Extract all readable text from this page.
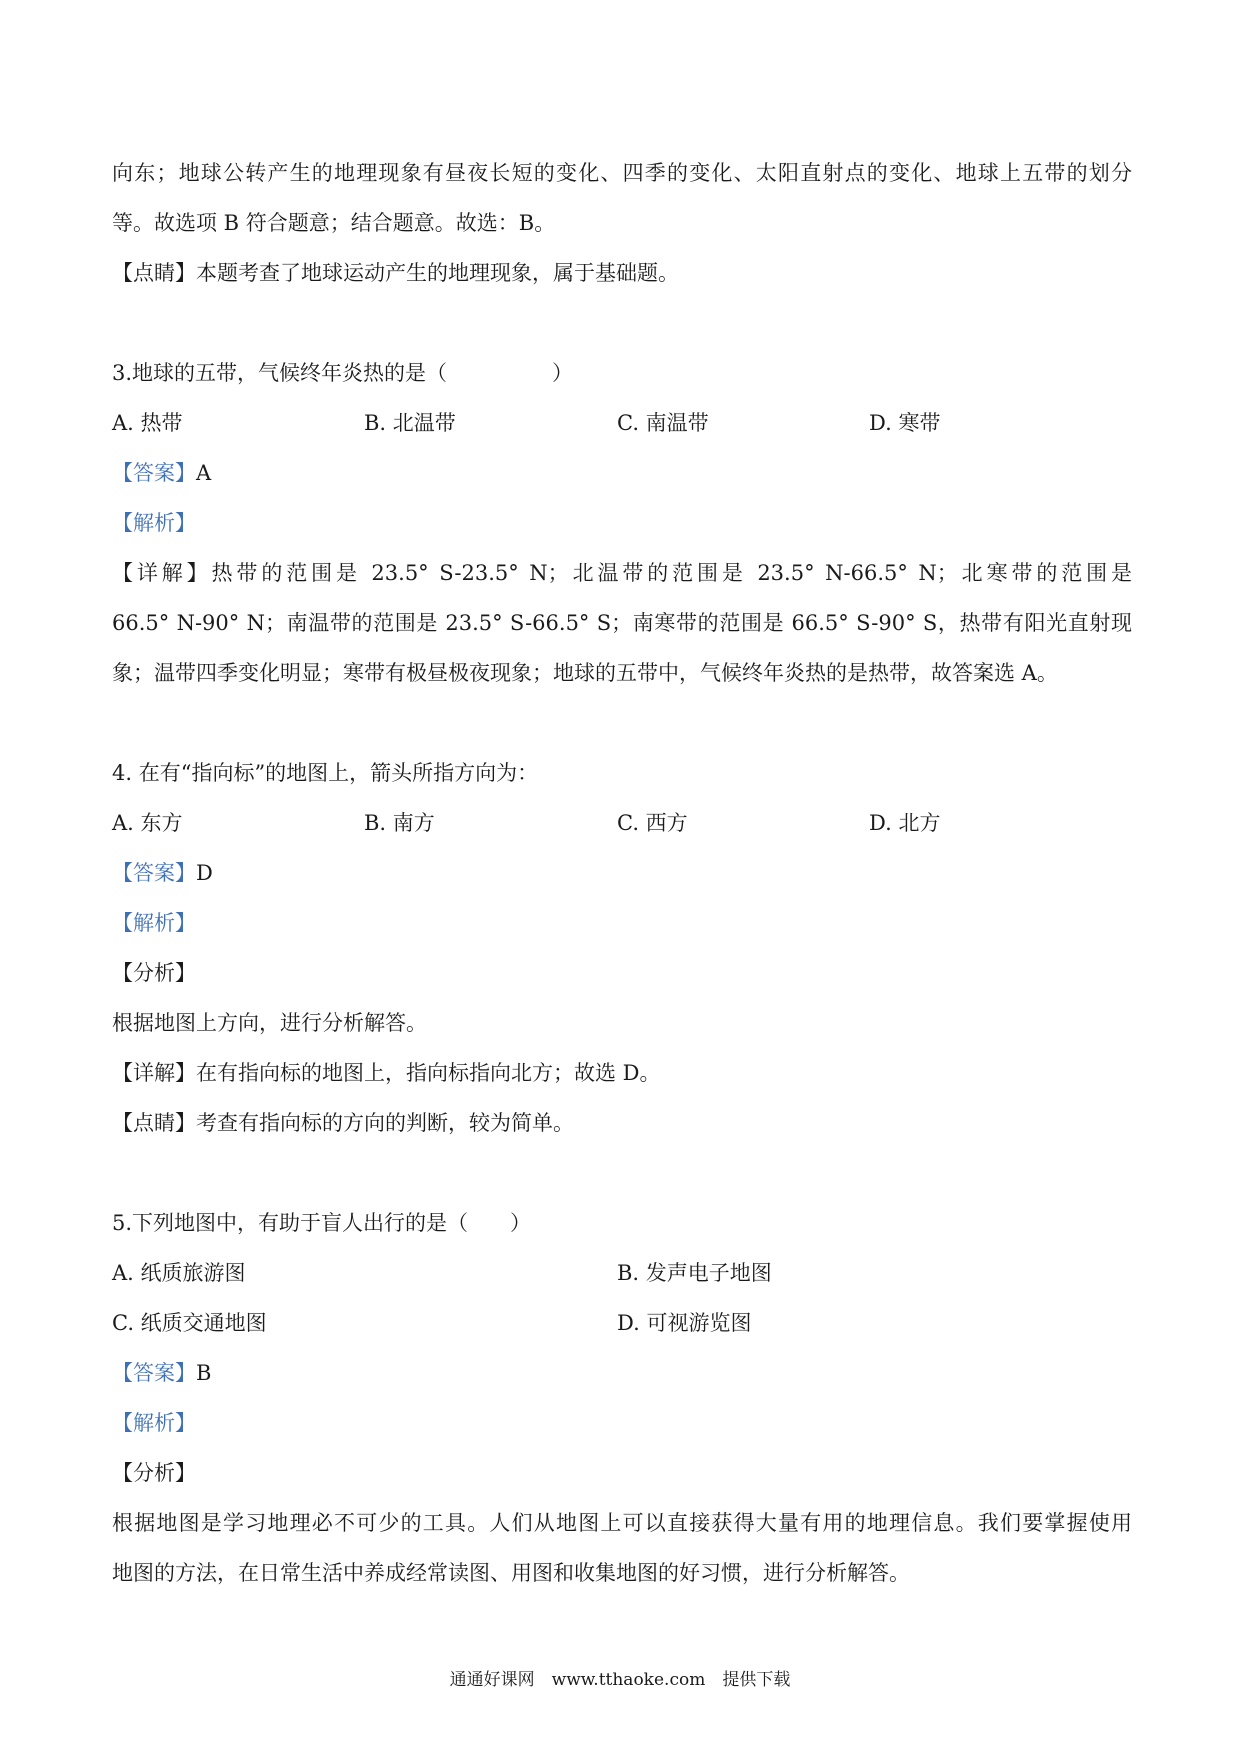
向东；地球公转产生的地理现象有昼夜长短的变化、四季的变化、太阳直射点的变化、地球上五带的划分
等。故选项 B 符合题意；结合题意。故选：B。
【点睛】本题考查了地球运动产生的地理现象，属于基础题。
3.地球的五带，气候终年炎热的是（　　　　　）
A. 热带	B. 北温带	C. 南温带	D. 寒带
【答案】A
【解析】
【详解】热带的范围是 23.5° S-23.5° N；北温带的范围是 23.5° N-66.5° N；北寒带的范围是
66.5° N-90° N；南温带的范围是 23.5° S-66.5° S；南寒带的范围是 66.5° S-90° S，热带有阳光直射现
象；温带四季变化明显；寒带有极昼极夜现象；地球的五带中，气候终年炎热的是热带，故答案选 A。
4. 在有“指向标”的地图上，箭头所指方向为：
A. 东方	B. 南方	C. 西方	D. 北方
【答案】D
【解析】
【分析】
根据地图上方向，进行分析解答。
【详解】在有指向标的地图上，指向标指向北方；故选 D。
【点睛】考查有指向标的方向的判断，较为简单。
5.下列地图中，有助于盲人出行的是（　　）
A. 纸质旅游图	B. 发声电子地图
C. 纸质交通地图	D. 可视游览图
【答案】B
【解析】
【分析】
根据地图是学习地理必不可少的工具。人们从地图上可以直接获得大量有用的地理信息。我们要掌握使用
地图的方法，在日常生活中养成经常读图、用图和收集地图的好习惯，进行分析解答。
通通好课网　www.tthaoke.com　提供下载
